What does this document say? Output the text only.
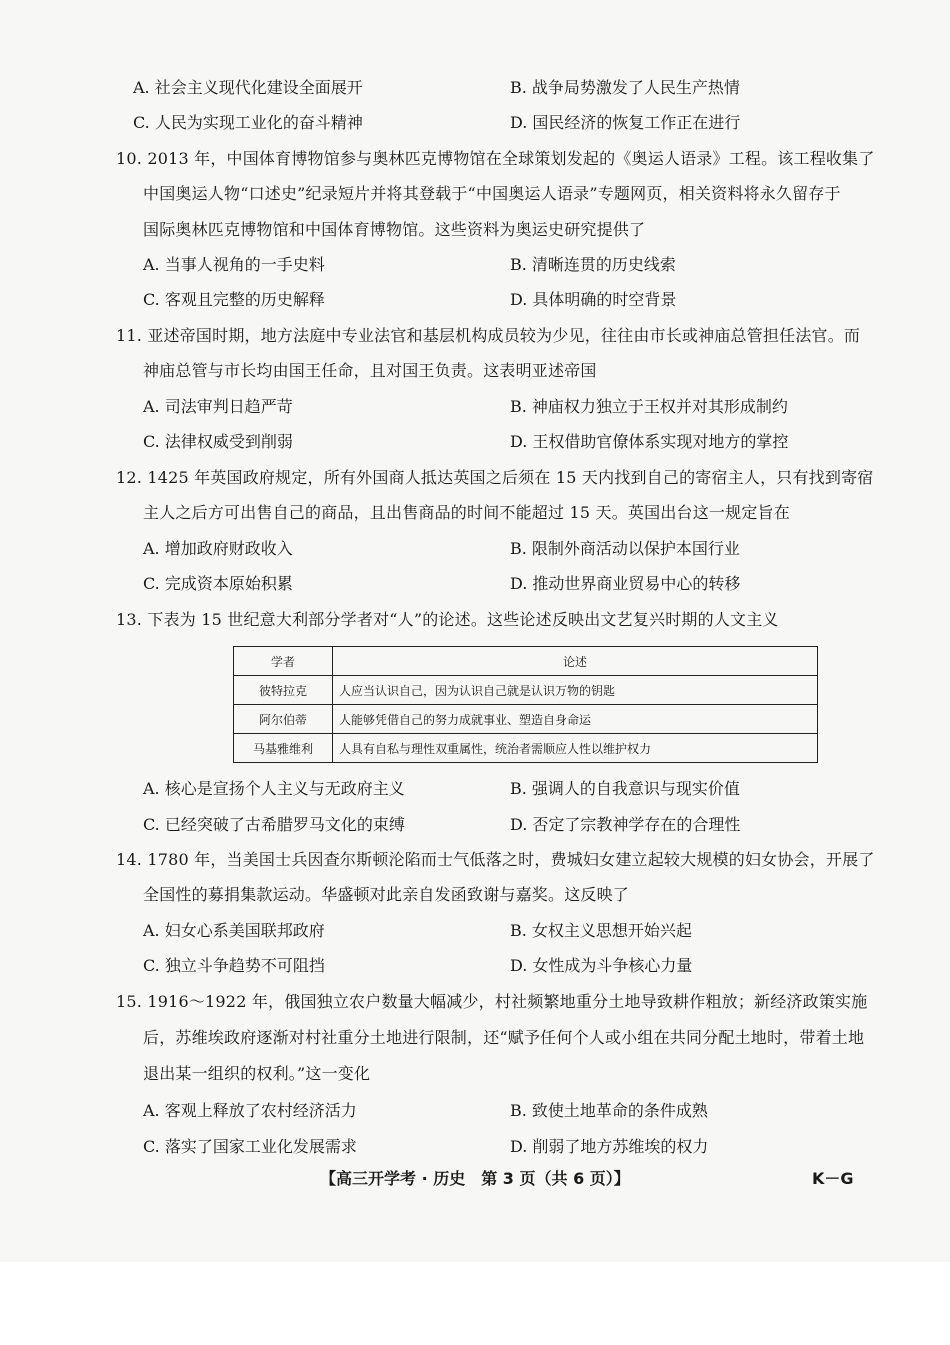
A. 社会主义现代化建设全面展开	B. 战争局势激发了人民生产热情
C. 人民为实现工业化的奋斗精神	D. 国民经济的恢复工作正在进行
10. 2013 年，中国体育博物馆参与奥林匹克博物馆在全球策划发起的《奥运人语录》工程。该工程收集了
中国奥运人物“口述史”纪录短片并将其登载于“中国奥运人语录”专题网页，相关资料将永久留存于
国际奥林匹克博物馆和中国体育博物馆。这些资料为奥运史研究提供了
A. 当事人视角的一手史料	B. 清晰连贯的历史线索
C. 客观且完整的历史解释	D. 具体明确的时空背景
11. 亚述帝国时期，地方法庭中专业法官和基层机构成员较为少见，往往由市长或神庙总管担任法官。而
神庙总管与市长均由国王任命，且对国王负责。这表明亚述帝国
A. 司法审判日趋严苛	B. 神庙权力独立于王权并对其形成制约
C. 法律权威受到削弱	D. 王权借助官僚体系实现对地方的掌控
12. 1425 年英国政府规定，所有外国商人抵达英国之后须在 15 天内找到自己的寄宿主人，只有找到寄宿
主人之后方可出售自己的商品，且出售商品的时间不能超过 15 天。英国出台这一规定旨在
A. 增加政府财政收入	B. 限制外商活动以保护本国行业
C. 完成资本原始积累	D. 推动世界商业贸易中心的转移
13. 下表为 15 世纪意大利部分学者对“人”的论述。这些论述反映出文艺复兴时期的人文主义
学者	论述
彼特拉克	人应当认识自己，因为认识自己就是认识万物的钥匙
阿尔伯蒂	人能够凭借自己的努力成就事业、塑造自身命运
马基雅维利	人具有自私与理性双重属性，统治者需顺应人性以维护权力
A. 核心是宣扬个人主义与无政府主义	B. 强调人的自我意识与现实价值
C. 已经突破了古希腊罗马文化的束缚	D. 否定了宗教神学存在的合理性
14. 1780 年，当美国士兵因查尔斯顿沦陷而士气低落之时，费城妇女建立起较大规模的妇女协会，开展了
全国性的募捐集款运动。华盛顿对此亲自发函致谢与嘉奖。这反映了
A. 妇女心系美国联邦政府	B. 女权主义思想开始兴起
C. 独立斗争趋势不可阻挡	D. 女性成为斗争核心力量
15. 1916～1922 年，俄国独立农户数量大幅减少，村社频繁地重分土地导致耕作粗放；新经济政策实施
后，苏维埃政府逐渐对村社重分土地进行限制，还“赋予任何个人或小组在共同分配土地时，带着土地
退出某一组织的权利。”这一变化
A. 客观上释放了农村经济活力	B. 致使土地革命的条件成熟
C. 落实了国家工业化发展需求	D. 削弱了地方苏维埃的权力
【高三开学考 · 历史　第 3 页（共 6 页）】	K－G
